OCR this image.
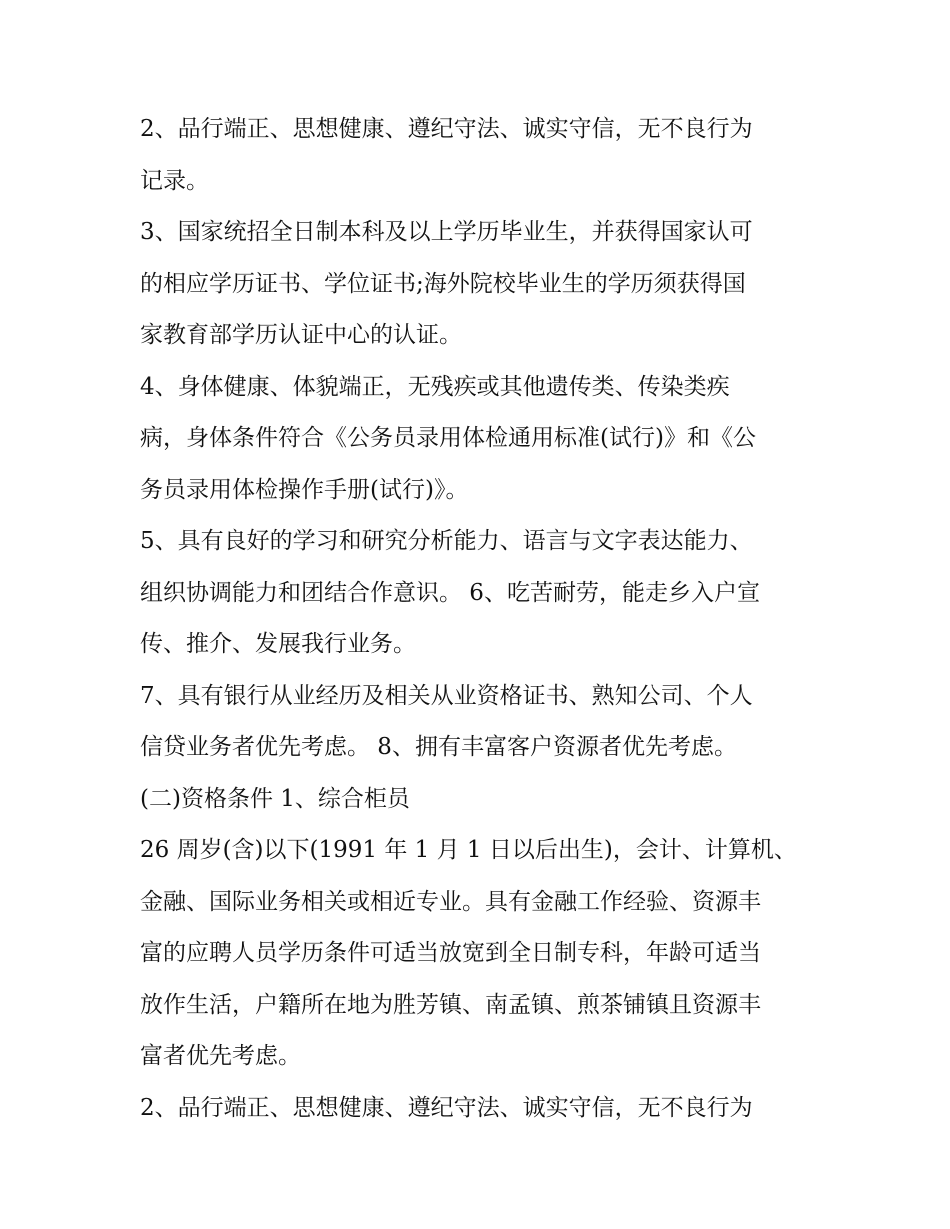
2、品行端正、思想健康、遵纪守法、诚实守信，无不良行为
记录。
3、国家统招全日制本科及以上学历毕业生，并获得国家认可
的相应学历证书、学位证书;海外院校毕业生的学历须获得国
家教育部学历认证中心的认证。
4、身体健康、体貌端正，无残疾或其他遗传类、传染类疾
病，身体条件符合《公务员录用体检通用标准(试行)》和《公
务员录用体检操作手册(试行)》。
5、具有良好的学习和研究分析能力、语言与文字表达能力、
组织协调能力和团结合作意识。 6、吃苦耐劳，能走乡入户宣
传、推介、发展我行业务。
7、具有银行从业经历及相关从业资格证书、熟知公司、个人
信贷业务者优先考虑。 8、拥有丰富客户资源者优先考虑。
(二)资格条件 1、综合柜员
26 周岁(含)以下(1991 年 1 月 1 日以后出生)，会计、计算机、
金融、国际业务相关或相近专业。具有金融工作经验、资源丰
富的应聘人员学历条件可适当放宽到全日制专科，年龄可适当
放作生活，户籍所在地为胜芳镇、南孟镇、煎茶铺镇且资源丰
富者优先考虑。
2、品行端正、思想健康、遵纪守法、诚实守信，无不良行为
